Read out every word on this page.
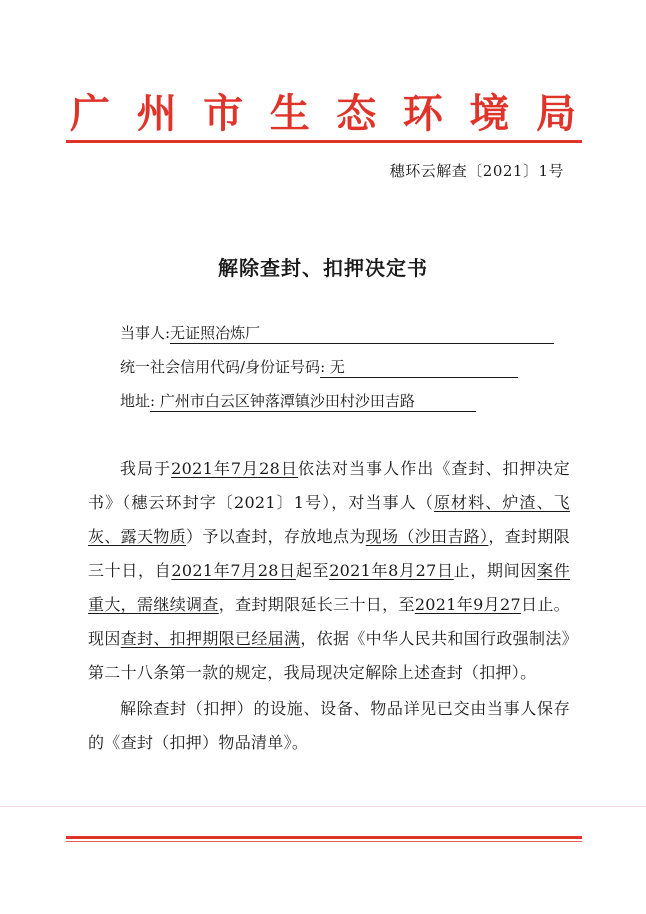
广 州 市 生 态 环 境 局
穗环云解查〔2021〕1号
解除查封、扣押决定书
当事人:无证照冶炼厂
统一社会信用代码/身份证号码: 无
地址: 广州市白云区钟落潭镇沙田村沙田吉路

我局于2021年7月28日依法对当事人作出《查封、扣押决定书》（穗云环封字〔2021〕1号），对当事人（原材料、炉渣、飞灰、露天物质）予以查封，存放地点为现场（沙田吉路），查封期限三十日，自2021年7月28日起至2021年8月27日止，期间因案件重大，需继续调查，查封期限延长三十日，至2021年9月27日止。现因查封、扣押期限已经届满，依据《中华人民共和国行政强制法》第二十八条第一款的规定，我局现决定解除上述查封（扣押）。

解除查封（扣押）的设施、设备、物品详见已交由当事人保存的《查封（扣押）物品清单》。
